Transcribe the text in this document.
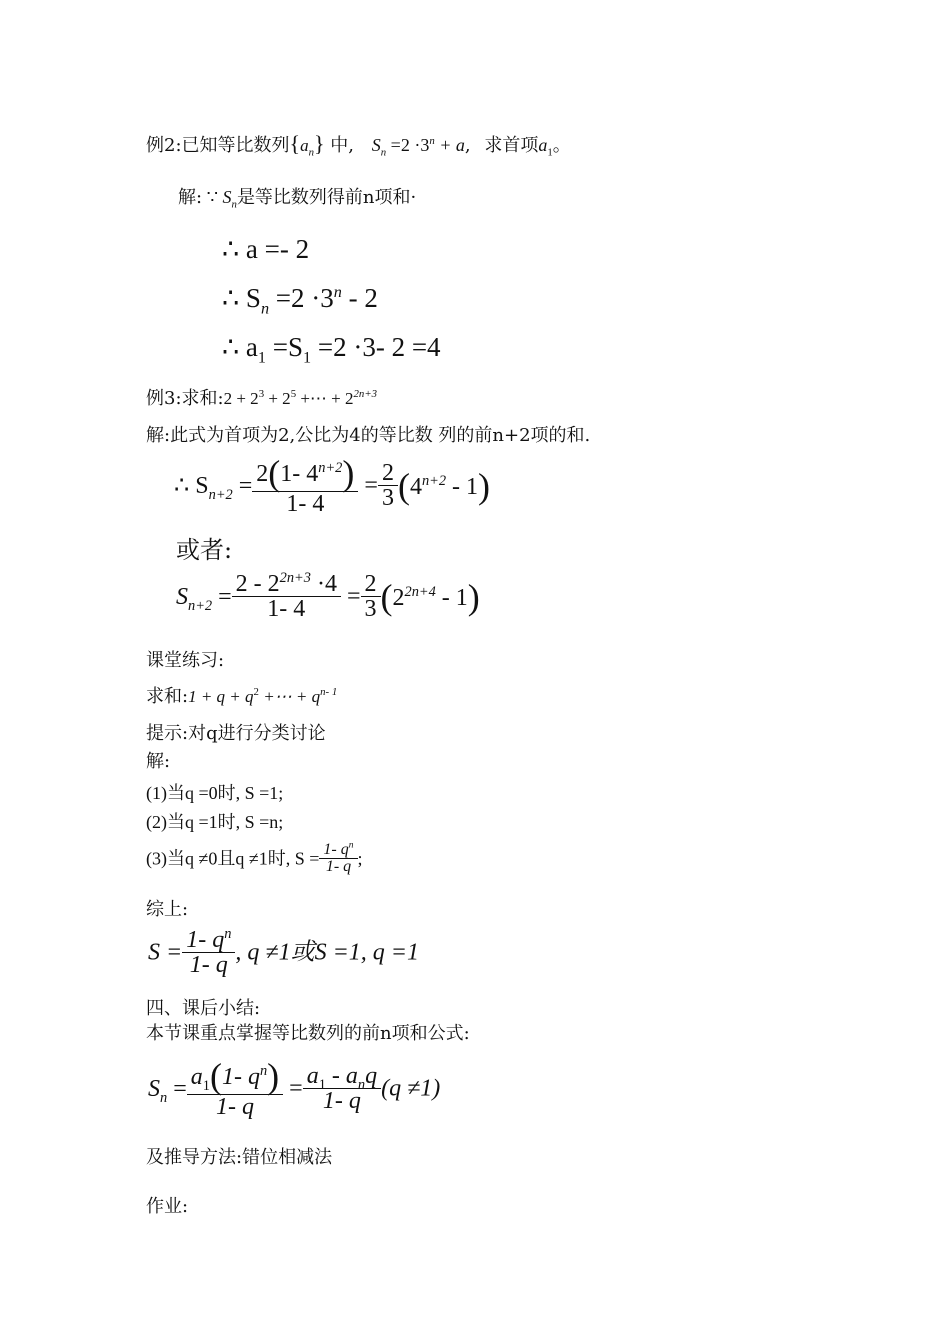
例2:已知等比数列$\{a_n\}$ 中, $S_n =2 \cdot 3^n + a$, 求首项$a_1$。
解: ∵ $S_n$是等比数列得前n项和·
∴ a =- 2
∴ $S_n =2 \cdot 3^n - 2$
∴ $a_1 =S_1 =2 \cdot 3-$ 2 =4
例3:求和:2 + $2^3 + 2^5$ +⋯ + $2^{2n+3}$
解:此式为首项为2,公比为4的等比数 列的前n+2项的和.
∴ $S_{n+2} = \frac{2(1- 4^{n+2})}{1- 4} = \frac{2}{3} (4^{n+2} - 1)$
或者:
$S_{n+2} = \frac{2 - 2^{2n+3} \cdot 4}{1- 4} = \frac{2}{3} (2^{2n+4} - 1)$
课堂练习:
求和:1 + $q + q^2$ +⋯ + $q^{n- 1}$
提示:对q进行分类讨论
解:
(1)当q =0时, S =1;
(2)当q =1时, S =n;
(3)当q ≠0且q ≠1时, $S = \frac{1- q^n}{1- q}$ ;
综上:
$S = \frac{1- q^n}{1- q}$ , q ≠1或S =1, q =1
四、课后小结:
本节课重点掌握等比数列的前n项和公式:
$S_n = \frac{a_1(1- q^n)}{1- q} = \frac{a_1 - a_nq}{1- q} (q \ne 1)$
及推导方法:错位相减法
作业:
